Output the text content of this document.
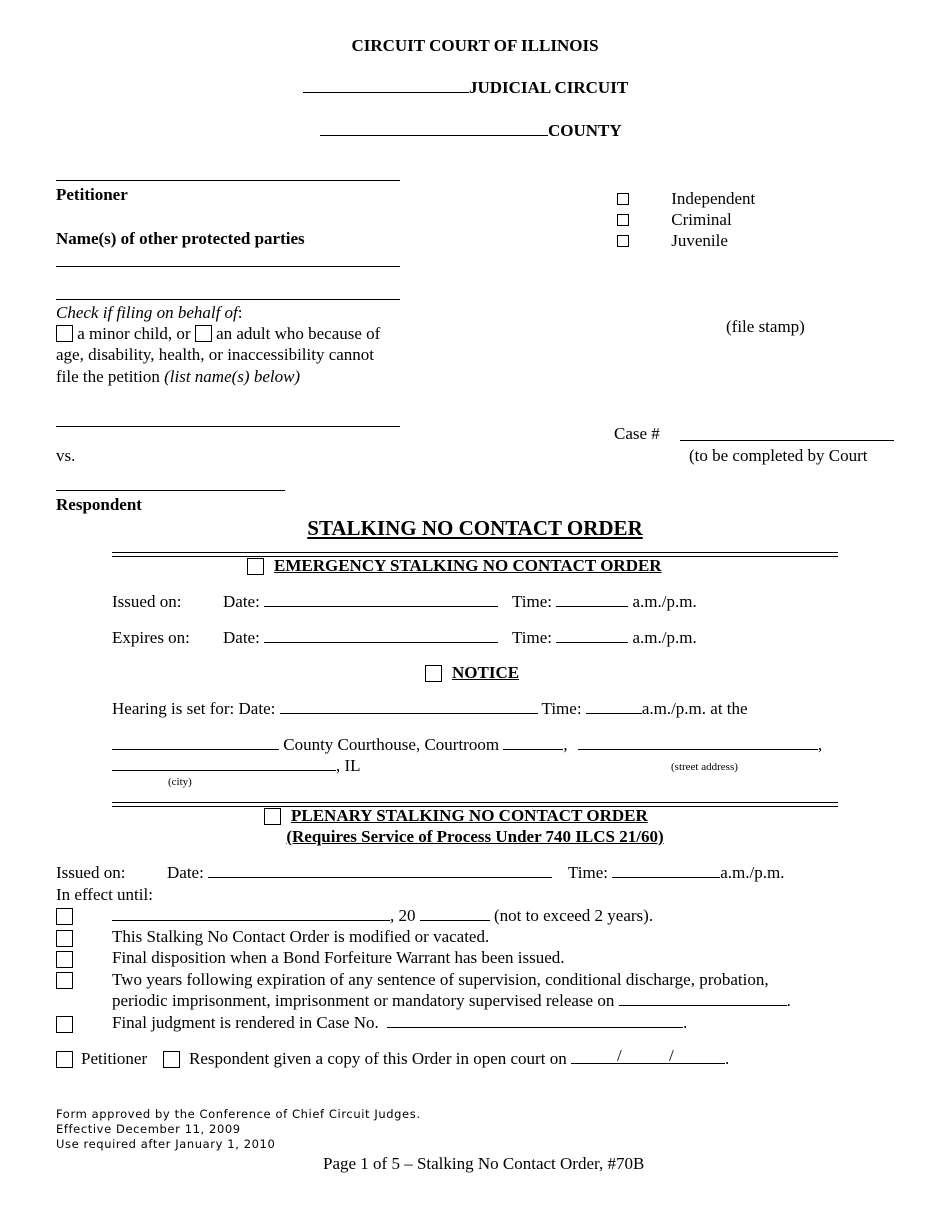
CIRCUIT COURT OF ILLINOIS
JUDICIAL CIRCUIT
COUNTY
Petitioner
Name(s) of other protected parties
Check if filing on behalf of:
a minor child, or an adult who because of
age, disability, health, or inaccessibility cannot
file the petition (list name(s) below)
vs.
Respondent
Independent
Criminal
Juvenile
(file stamp)
Case #
(to be completed by Court
STALKING NO CONTACT ORDER
EMERGENCY STALKING NO CONTACT ORDER
Issued on: Date:	Time:	a.m./p.m.
Expires on: Date:	Time:	a.m./p.m.
NOTICE
Hearing is set for: Date:	Time:	a.m./p.m. at the
County Courthouse, Courtroom	,	,
, IL
(city)
(street address)
PLENARY STALKING NO CONTACT ORDER
(Requires Service of Process Under 740 ILCS 21/60)
Issued on: Date:	Time:	a.m./p.m.
In effect until:
, 20	(not to exceed 2 years).
This Stalking No Contact Order is modified or vacated.
Final disposition when a Bond Forfeiture Warrant has been issued.
Two years following expiration of any sentence of supervision, conditional discharge, probation,
periodic imprisonment, imprisonment or mandatory supervised release on	.
Final judgment is rendered in Case No.	.
Petitioner Respondent given a copy of this Order in open court on	/	/	.
Form approved by the Conference of Chief Circuit Judges.
Effective December 11, 2009
Use required after January 1, 2010
Page 1 of 5 – Stalking No Contact Order, #70B
